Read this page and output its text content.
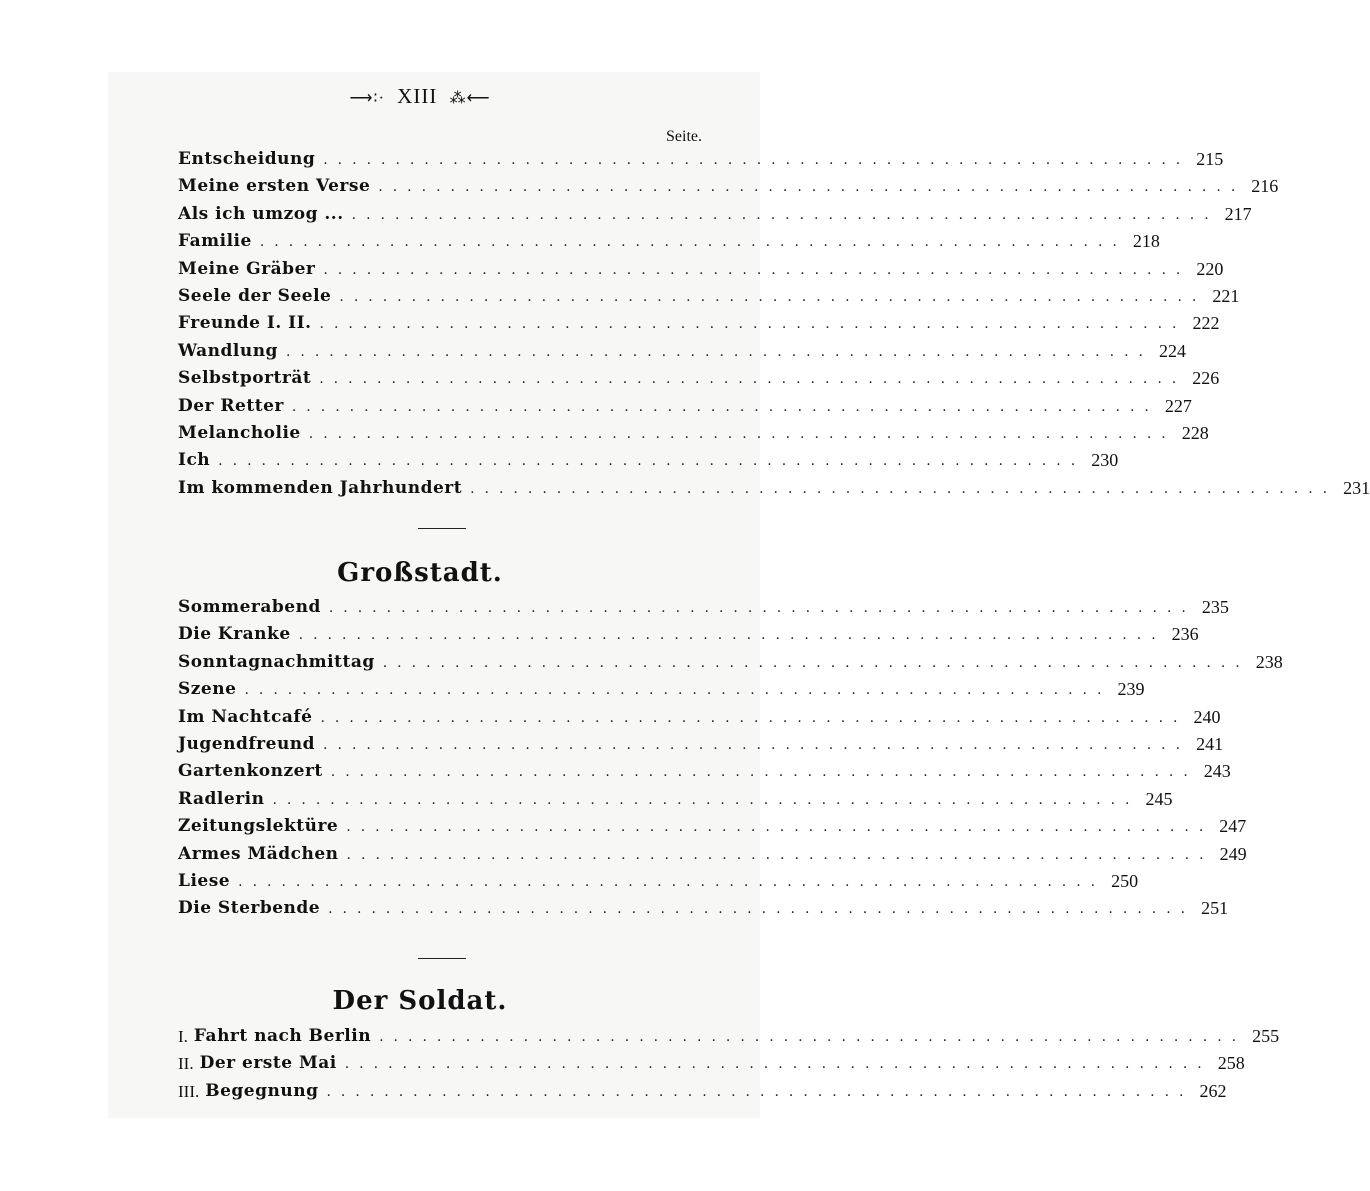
⟶∶· XIII ⁂⟵
Seite.
Entscheidung ............................................................ 215
Meine ersten Verse ............................................................ 216
Als ich umzog ... ............................................................ 217
Familie ............................................................ 218
Meine Gräber ............................................................ 220
Seele der Seele ............................................................ 221
Freunde I. II. ............................................................ 222
Wandlung ............................................................ 224
Selbstporträt ............................................................ 226
Der Retter ............................................................ 227
Melancholie ............................................................ 228
Ich ............................................................ 230
Im kommenden Jahrhundert ............................................................ 231
Großstadt.
Sommerabend ............................................................ 235
Die Kranke ............................................................ 236
Sonntagnachmittag ............................................................ 238
Szene ............................................................ 239
Im Nachtcafé ............................................................ 240
Jugendfreund ............................................................ 241
Gartenkonzert ............................................................ 243
Radlerin ............................................................ 245
Zeitungslektüre ............................................................ 247
Armes Mädchen ............................................................ 249
Liese ............................................................ 250
Die Sterbende ............................................................ 251
Der Soldat.
I. Fahrt nach Berlin ............................................................ 255
II. Der erste Mai ............................................................ 258
III. Begegnung ............................................................ 262
